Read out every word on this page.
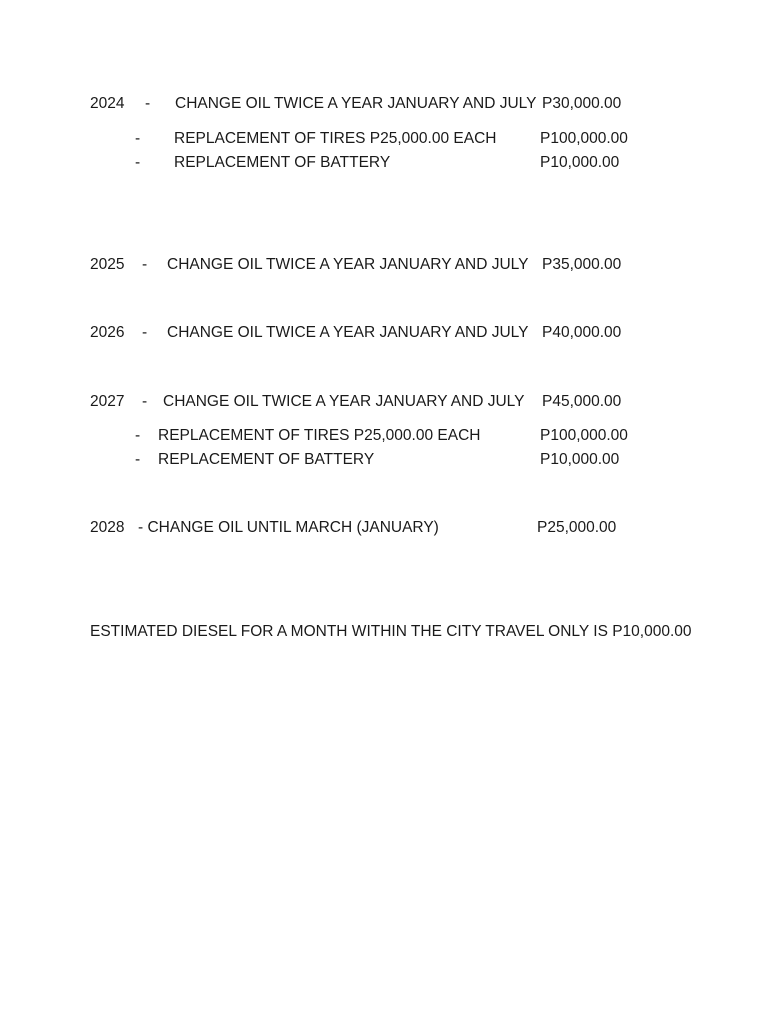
2024 - CHANGE OIL TWICE A YEAR JANUARY AND JULY P30,000.00
- REPLACEMENT OF TIRES P25,000.00 EACH	P100,000.00
- REPLACEMENT OF BATTERY	P10,000.00
2025 - CHANGE OIL TWICE A YEAR JANUARY AND JULY P35,000.00
2026 - CHANGE OIL TWICE A YEAR JANUARY AND JULY P40,000.00
2027 - CHANGE OIL TWICE A YEAR JANUARY AND JULY P45,000.00
- REPLACEMENT OF TIRES P25,000.00 EACH	P100,000.00
- REPLACEMENT OF BATTERY	P10,000.00
2028 - CHANGE OIL UNTIL MARCH (JANUARY)	P25,000.00
ESTIMATED DIESEL FOR A MONTH WITHIN THE CITY TRAVEL ONLY IS P10,000.00
